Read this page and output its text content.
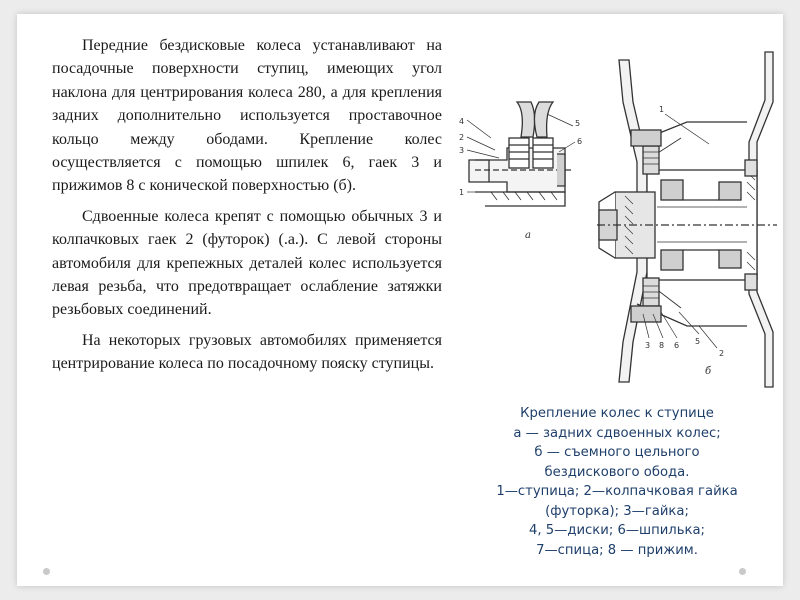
Передние бездисковые колеса устанавливают на посадочные поверхности ступиц, имеющих угол наклона для центрирования колеса 280, а для крепления задних дополнительно используется проставочное кольцо между ободами. Крепление колес осуществляется с помощью шпилек 6, гаек 3 и прижимов 8 с конической поверхностью (б).

Сдвоенные колеса крепят с помощью обычных 3 и колпачковых гаек 2 (футорок) (.а.). С левой стороны автомобиля для крепежных деталей колес используется левая резьба, что предотвращает ослабление затяжки резьбовых соединений.

На некоторых грузовых автомобилях применяется центрирование колеса по посадочному пояску ступицы.

4
2
3
1
5
6
а
1
2
3 8 6 5
б
Крепление колес к ступице
а — задних сдвоенных колес;
б — съемного цельного
бездискового обода.
1—ступица; 2—колпачковая гайка
(футорка); 3—гайка;
4, 5—диски; 6—шпилька;
7—спица; 8 — прижим.
